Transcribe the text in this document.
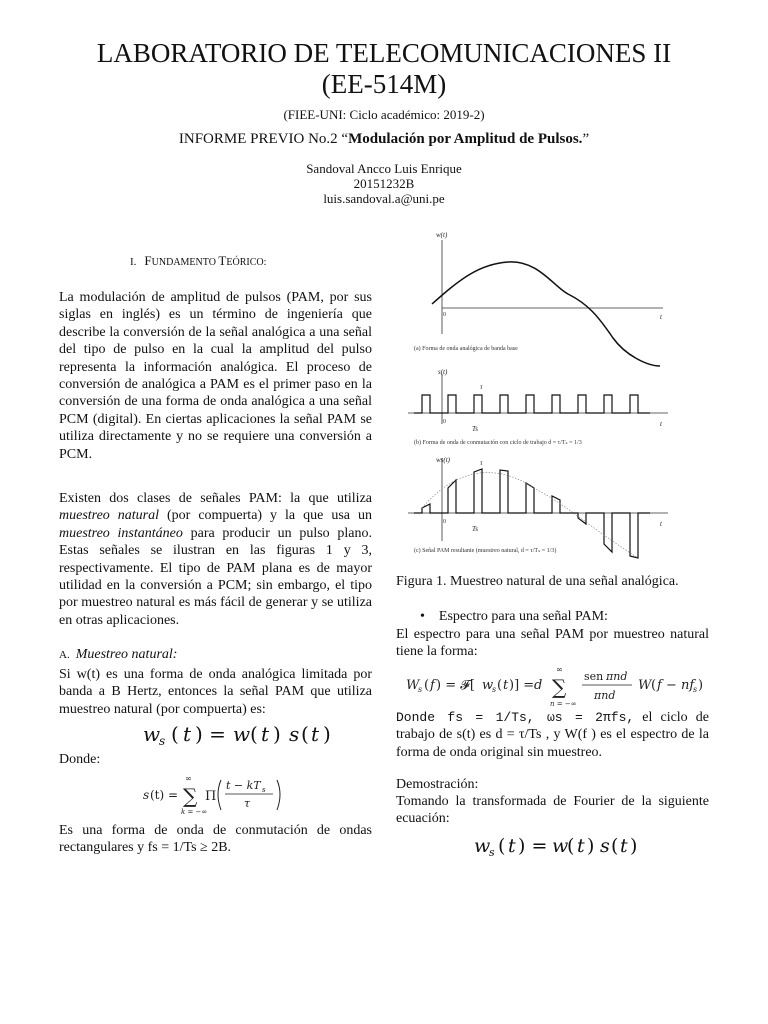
LABORATORIO DE TELECOMUNICACIONES II
(EE-514M)
(FIEE-UNI: Ciclo académico: 2019-2)
INFORME PREVIO No.2 “Modulación por Amplitud de Pulsos.”
Sandoval Ancco Luis Enrique
20151232B
luis.sandoval.a@uni.pe
I. FUNDAMENTO TEÓRICO:
La modulación de amplitud de pulsos (PAM, por sus siglas en inglés) es un término de ingeniería que describe la conversión de la señal analógica a una señal del tipo de pulso en la cual la amplitud del pulso representa la información analógica. El proceso de conversión de analógica a PAM es el primer paso en la conversión de una forma de onda analógica a una señal PCM (digital). En ciertas aplicaciones la señal PAM se utiliza directamente y no se requiere una conversión a PCM.
Existen dos clases de señales PAM: la que utiliza muestreo natural (por compuerta) y la que usa un muestreo instantáneo para producir un pulso plano. Estas señales se ilustran en las figuras 1 y 3, respectivamente. El tipo de PAM plana es de mayor utilidad en la conversión a PCM; sin embargo, el tipo por muestreo natural es más fácil de generar y se utiliza en otras aplicaciones.
A. Muestreo natural:
Si w(t) es una forma de onda analógica limitada por banda a B Hertz, entonces la señal PAM que utiliza muestreo natural (por compuerta) es:
w
s ( t ) = w ( t ) s ( t )
Donde:
s (t) =
∞
∑
k = −∞
Π
t − kT s
τ
Es una forma de onda de conmutación de ondas rectangulares y fs = 1/Ts ≥ 2B.
w(t)
0	t
(a) Forma de onda analógica de banda base
s(t)
0	t
τ
Ts
(b) Forma de onda de conmutación con ciclo de trabajo d = τ/Tₛ = 1/3
ws(t)
0	t
τ
Ts
(c) Señal PAM resultante (muestreo natural, d = τ/Tₛ = 1/3)
Figura 1. Muestreo natural de una señal analógica.
• Espectro para una señal PAM:
El espectro para una señal PAM por muestreo natural tiene la forma:
W
s ( f ) = 𝓕[ w
s ( t )] = d
∞
∑
n = −∞
sen πnd
πnd
W ( f − nf
s )
Donde fs = 1/Ts, ωs = 2πfs, el ciclo de trabajo de s(t) es d = τ/Ts , y W(f ) es el espectro de la forma de onda original sin muestreo.
Demostración:
Tomando la transformada de Fourier de la siguiente ecuación:
w
s ( t ) = w
( t ) s ( t )
